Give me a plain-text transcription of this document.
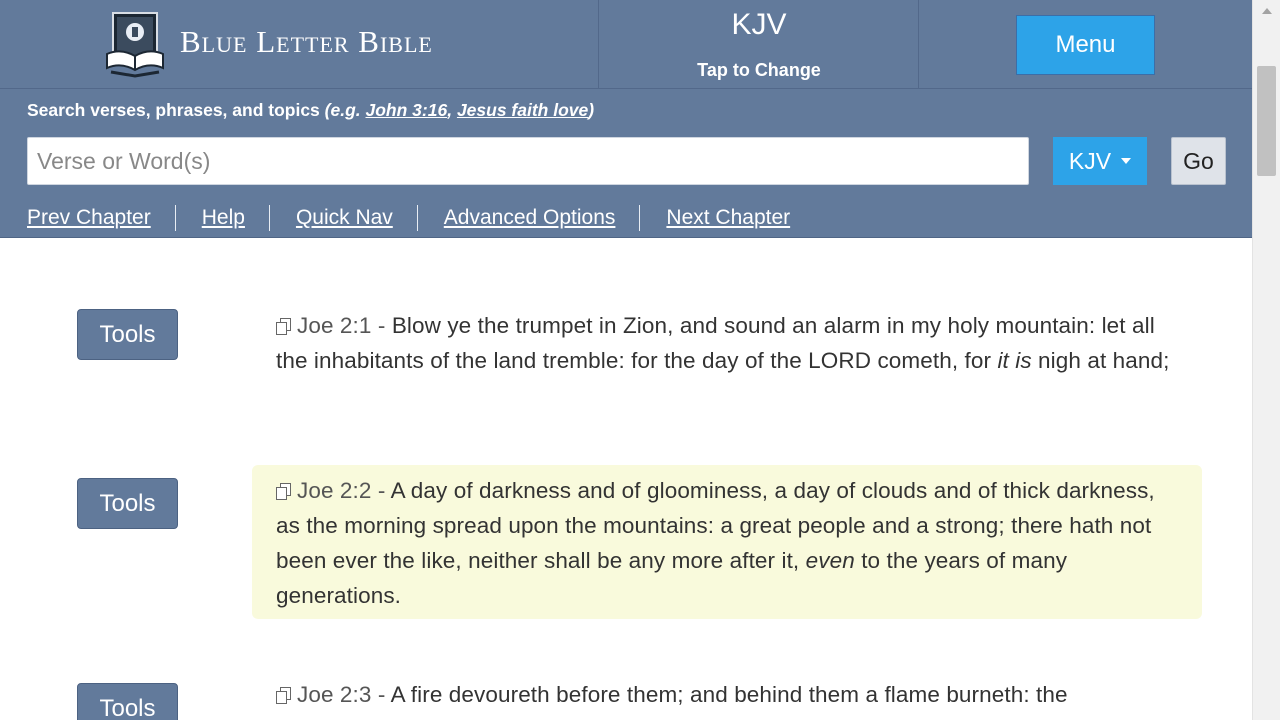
Blue Letter Bible	KJV
Tap to Change
Menu
Search verses, phrases, and topics (e.g. John 3:16, Jesus faith love)
Verse or Word(s)
KJV	Go
Prev Chapter Help Quick Nav Advanced Options Next Chapter
Tools	Joe 2:1 - Blow ye the trumpet in Zion, and sound an alarm in my holy mountain: let all the inhabitants of the land tremble: for the day of the LORD cometh, for it is nigh at hand;
Tools	Joe 2:2 - A day of darkness and of gloominess, a day of clouds and of thick darkness, as the morning spread upon the mountains: a great people and a strong; there hath not been ever the like, neither shall be any more after it, even to the years of many generations.
Tools	Joe 2:3 - A fire devoureth before them; and behind them a flame burneth: the
